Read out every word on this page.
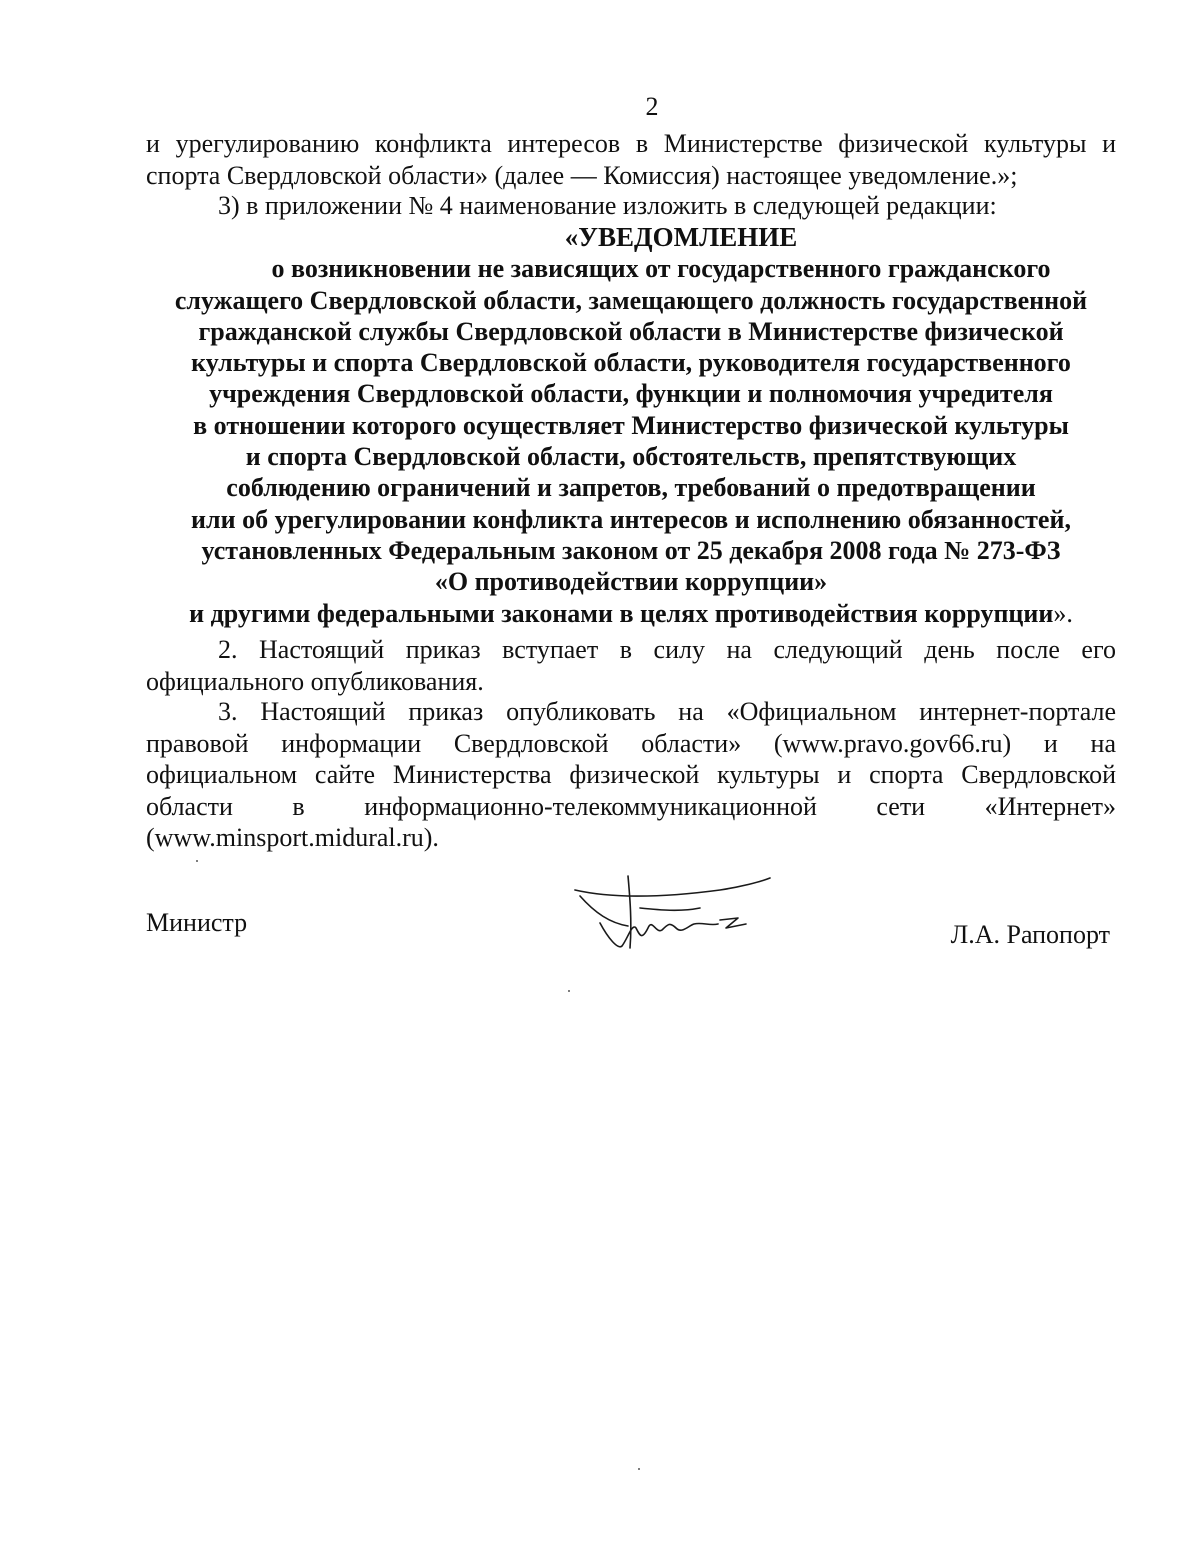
2
и урегулированию конфликта интересов в Министерстве физической культуры и спорта Свердловской области» (далее — Комиссия) настоящее уведомление.»;
3) в приложении № 4 наименование изложить в следующей редакции:
«УВЕДОМЛЕНИЕ
о возникновении не зависящих от государственного гражданского
служащего Свердловской области, замещающего должность государственной
гражданской службы Свердловской области в Министерстве физической
культуры и спорта Свердловской области, руководителя государственного
учреждения Свердловской области, функции и полномочия учредителя
в отношении которого осуществляет Министерство физической культуры
и спорта Свердловской области, обстоятельств, препятствующих
соблюдению ограничений и запретов, требований о предотвращении
или об урегулировании конфликта интересов и исполнению обязанностей,
установленных Федеральным законом от 25 декабря 2008 года № 273-ФЗ
«О противодействии коррупции»
и другими федеральными законами в целях противодействия коррупции».
2. Настоящий приказ вступает в силу на следующий день после его официального опубликования.
3. Настоящий приказ опубликовать на «Официальном интернет-портале правовой информации Свердловской области» (www.pravo.gov66.ru) и на официальном сайте Министерства физической культуры и спорта Свердловской области в информационно-телекоммуникационной сети «Интернет» (www.minsport.midural.ru).
Министр	Л.А. Рапопорт
